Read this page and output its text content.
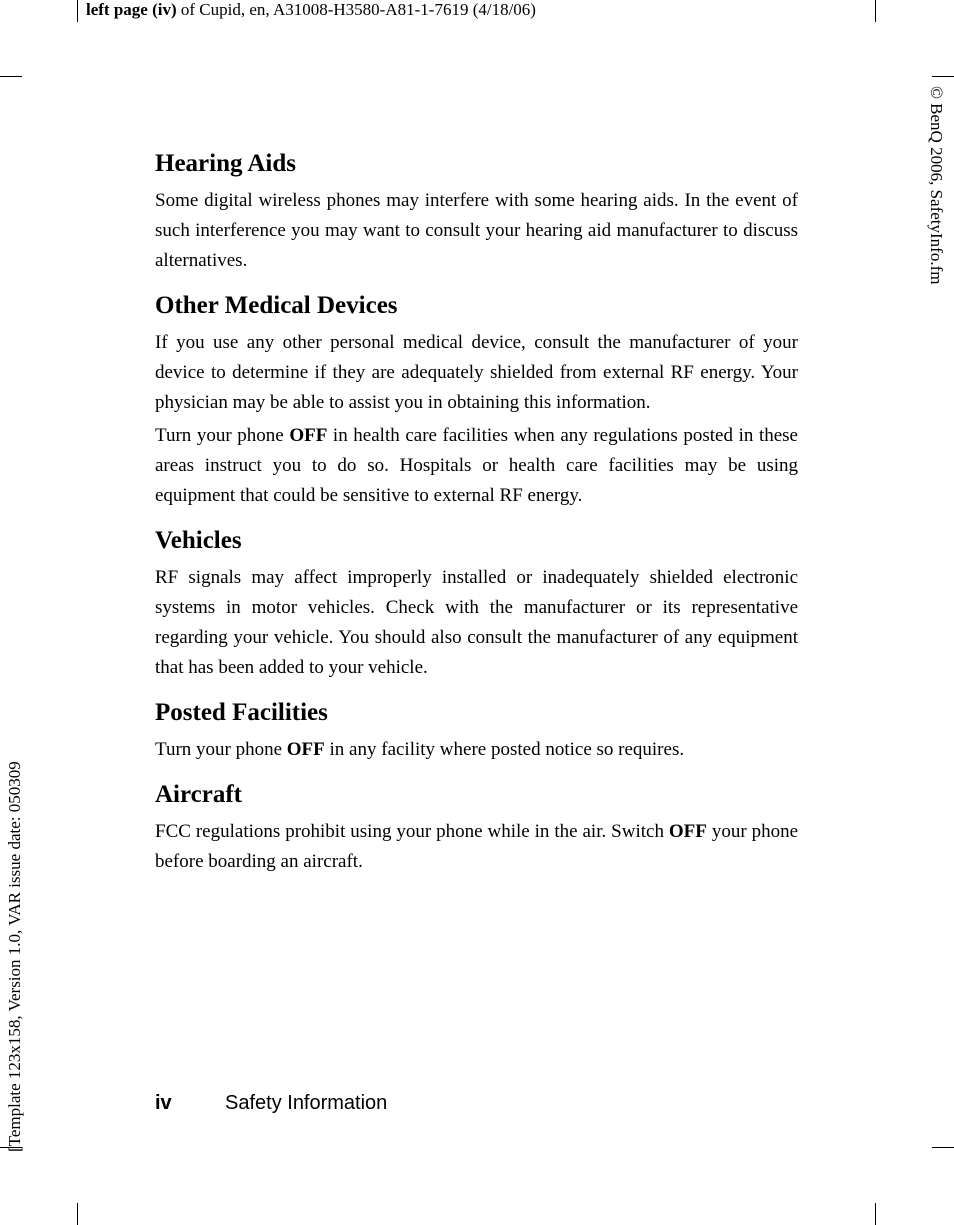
left page (iv) of Cupid, en, A31008-H3580-A81-1-7619 (4/18/06)
© BenQ 2006, SafetyInfo.fm
[Template 123x158, Version 1.0, VAR issue date: 050309
Hearing Aids

Some digital wireless phones may interfere with some hearing aids. In the event of such interference you may want to consult your hearing aid manufacturer to discuss alternatives.

Other Medical Devices

If you use any other personal medical device, consult the manufacturer of your device to determine if they are adequately shielded from external RF energy. Your physician may be able to assist you in obtaining this information.

Turn your phone OFF in health care facilities when any regulations posted in these areas instruct you to do so. Hospitals or health care facilities may be using equipment that could be sensitive to external RF energy.

Vehicles

RF signals may affect improperly installed or inadequately shielded electronic systems in motor vehicles. Check with the manufacturer or its representative regarding your vehicle. You should also consult the manufacturer of any equipment that has been added to your vehicle.

Posted Facilities

Turn your phone OFF in any facility where posted notice so requires.

Aircraft

FCC regulations prohibit using your phone while in the air. Switch OFF your phone before boarding an aircraft.

iv	Safety Information
